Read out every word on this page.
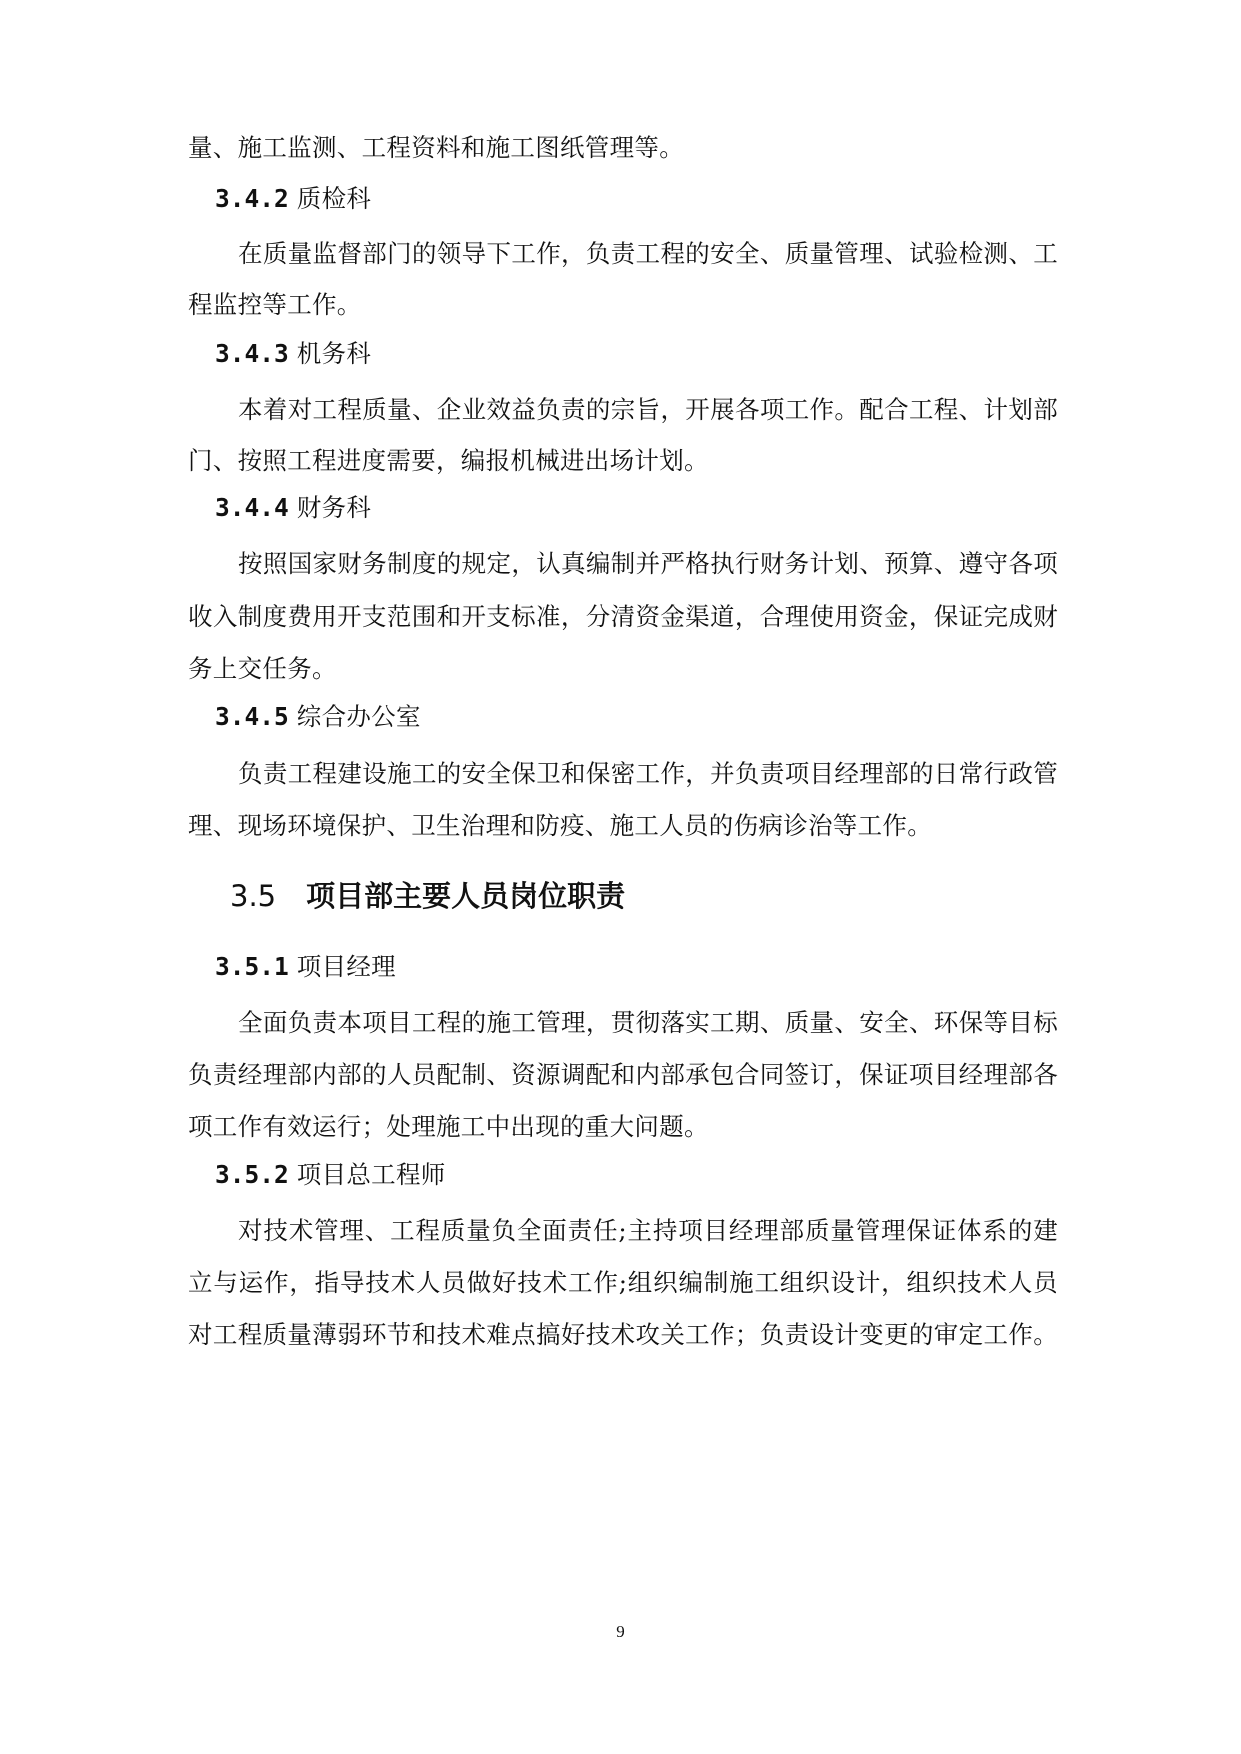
量、施工监测、工程资料和施工图纸管理等。
3.4.2 质检科
在质量监督部门的领导下工作，负责工程的安全、质量管理、试验检测、工
程监控等工作。
3.4.3 机务科
本着对工程质量、企业效益负责的宗旨，开展各项工作。配合工程、计划部
门、按照工程进度需要，编报机械进出场计划。
3.4.4 财务科
按照国家财务制度的规定，认真编制并严格执行财务计划、预算、遵守各项
收入制度费用开支范围和开支标准，分清资金渠道，合理使用资金，保证完成财
务上交任务。
3.4.5 综合办公室
负责工程建设施工的安全保卫和保密工作，并负责项目经理部的日常行政管
理、现场环境保护、卫生治理和防疫、施工人员的伤病诊治等工作。
3.5 项目部主要人员岗位职责
3.5.1 项目经理
全面负责本项目工程的施工管理，贯彻落实工期、质量、安全、环保等目标
负责经理部内部的人员配制、资源调配和内部承包合同签订，保证项目经理部各
项工作有效运行；处理施工中出现的重大问题。
3.5.2 项目总工程师
对技术管理、工程质量负全面责任;主持项目经理部质量管理保证体系的建
立与运作，指导技术人员做好技术工作;组织编制施工组织设计，组织技术人员
对工程质量薄弱环节和技术难点搞好技术攻关工作；负责设计变更的审定工作。
9
